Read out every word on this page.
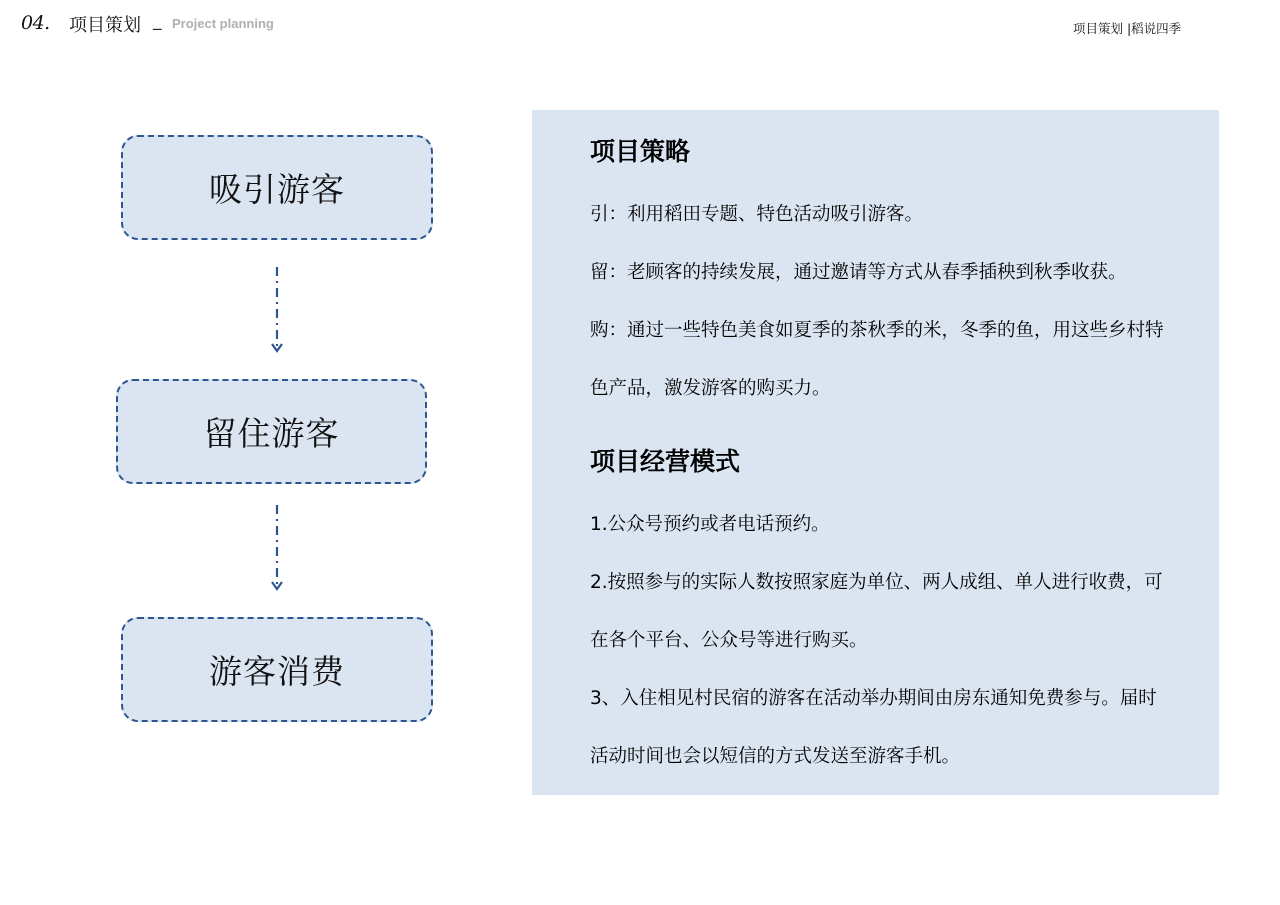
04. 项目策划 _ Project planning	项目策划 |稻说四季
吸引游客
留住游客
游客消费
项目策略
引：利用稻田专题、特色活动吸引游客。
留：老顾客的持续发展，通过邀请等方式从春季插秧到秋季收获。
购：通过一些特色美食如夏季的茶秋季的米，冬季的鱼，用这些乡村特
色产品，激发游客的购买力。
项目经营模式
1.公众号预约或者电话预约。
2.按照参与的实际人数按照家庭为单位、两人成组、单人进行收费，可
在各个平台、公众号等进行购买。
3、入住相见村民宿的游客在活动举办期间由房东通知免费参与。届时
活动时间也会以短信的方式发送至游客手机。
